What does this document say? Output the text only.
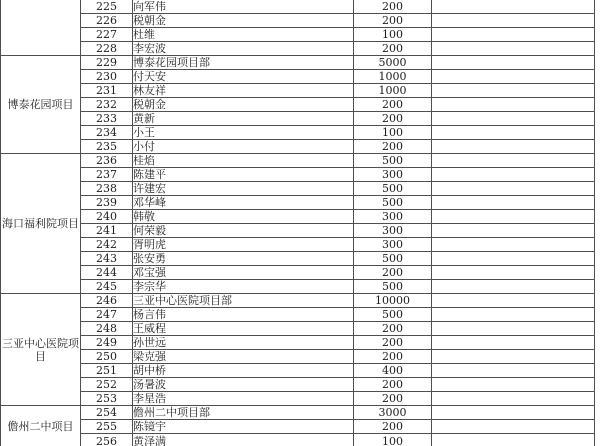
	225	向军伟	200	
	226	税朝金	200	
	227	杜维	100	
	228	李宏波	200	
博泰花园项目	229	博泰花园项目部	5000	
	230	付天安	1000	
	231	林友祥	1000	
	232	税朝金	200	
	233	黄新	200	
	234	小王	100	
	235	小付	200	
海口福利院项目	236	桂焰	500	
	237	陈建平	300	
	238	许建宏	500	
	239	邓华峰	500	
	240	韩敬	300	
	241	何荣毅	300	
	242	胥明虎	300	
	243	张安勇	500	
	244	邓宝强	200	
	245	李宗华	500	
三亚中心医院项目	246	三亚中心医院项目部	10000	
	247	杨言伟	500	
	248	王威程	200	
	249	孙世远	200	
	250	梁克强	200	
	251	胡中桥	400	
	252	汤暑波	200	
	253	李星浩	200	
儋州二中项目	254	儋州二中项目部	3000	
	255	陈镜宇	200	
	256	黄泽满	100	
